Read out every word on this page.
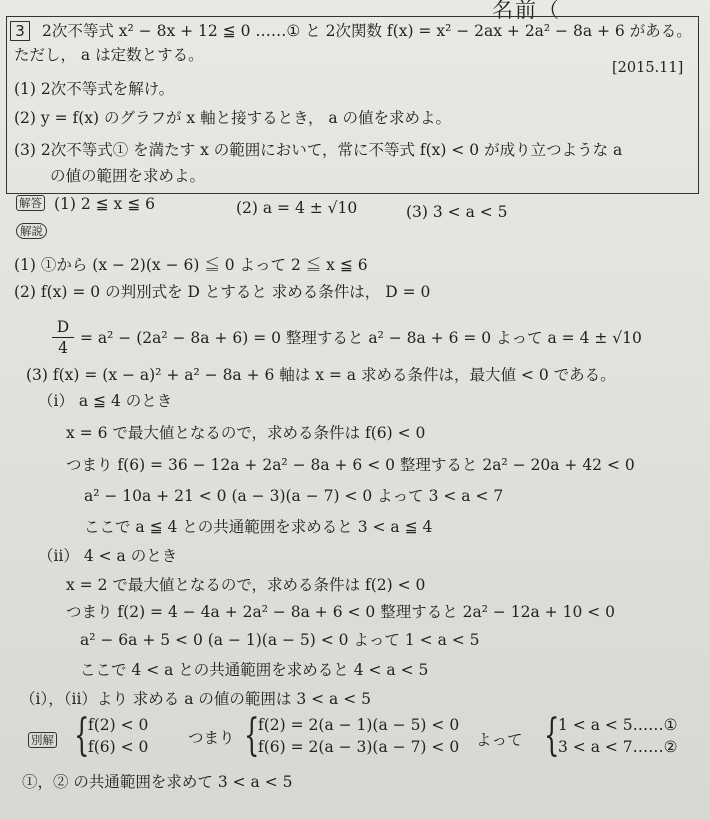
名前（
3	2次不等式 x² − 8x + 12 ≦ 0 ……① と 2次関数 f(x) = x² − 2ax + 2a² − 8a + 6 がある。
ただし， a は定数とする。
[2015.11]
(1) 2次不等式を解け。
(2) y = f(x) のグラフが x 軸と接するとき， a の値を求めよ。
(3) 2次不等式① を満たす x の範囲において，常に不等式 f(x) < 0 が成り立つような a
の値の範囲を求めよ。
解答 (1) 2 ≦ x ≦ 6	(2) a = 4 ± √10	(3) 3 < a < 5
解説
(1) ①から (x − 2)(x − 6) ≦ 0 よって 2 ≦ x ≦ 6
(2) f(x) = 0 の判別式を D とすると 求める条件は， D = 0
D
4
= a² − (2a² − 8a + 6) = 0 整理すると a² − 8a + 6 = 0 よって a = 4 ± √10
(3) f(x) = (x − a)² + a² − 8a + 6 軸は x = a 求める条件は，最大値 < 0 である。
（ⅰ） a ≦ 4 のとき
x = 6 で最大値となるので，求める条件は f(6) < 0
つまり f(6) = 36 − 12a + 2a² − 8a + 6 < 0 整理すると 2a² − 20a + 42 < 0
a² − 10a + 21 < 0 (a − 3)(a − 7) < 0 よって 3 < a < 7
ここで a ≦ 4 との共通範囲を求めると 3 < a ≦ 4
（ⅱ） 4 < a のとき
x = 2 で最大値となるので，求める条件は f(2) < 0
つまり f(2) = 4 − 4a + 2a² − 8a + 6 < 0 整理すると 2a² − 12a + 10 < 0
a² − 6a + 5 < 0 (a − 1)(a − 5) < 0 よって 1 < a < 5
ここで 4 < a との共通範囲を求めると 4 < a < 5
（ⅰ），（ⅱ）より 求める a の値の範囲は 3 < a < 5
別解 {
f(2) < 0
f(6) < 0	つまり {
f(2) = 2(a − 1)(a − 5) < 0
f(6) = 2(a − 3)(a − 7) < 0 よって {
1 < a < 5……①
3 < a < 7……②
①，② の共通範囲を求めて 3 < a < 5
